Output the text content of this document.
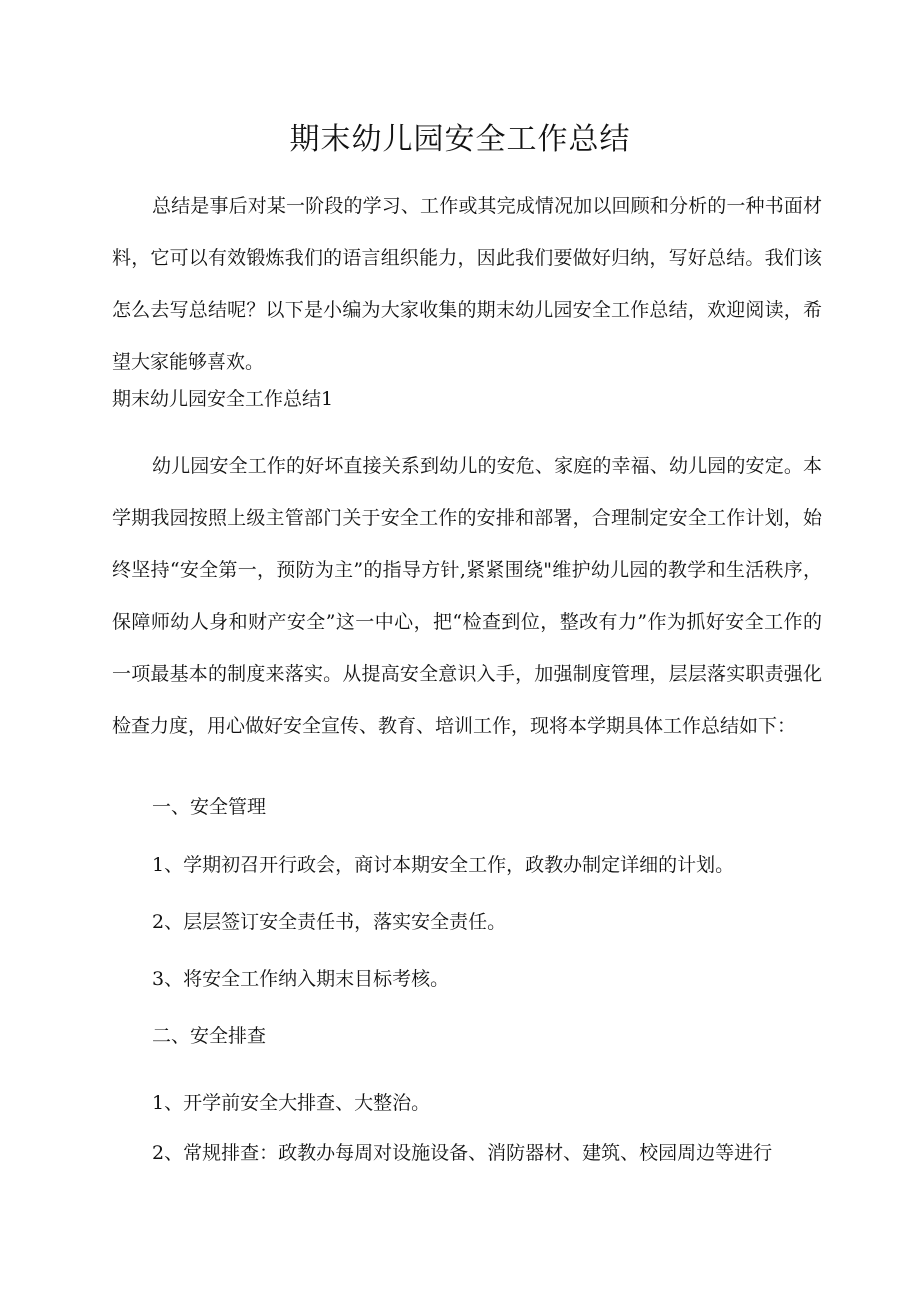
期末幼儿园安全工作总结

总结是事后对某一阶段的学习、工作或其完成情况加以回顾和分析的一种书面材料，它可以有效锻炼我们的语言组织能力，因此我们要做好归纳，写好总结。我们该怎么去写总结呢？以下是小编为大家收集的期末幼儿园安全工作总结，欢迎阅读，希望大家能够喜欢。

期末幼儿园安全工作总结1

幼儿园安全工作的好坏直接关系到幼儿的安危、家庭的幸福、幼儿园的安定。本学期我园按照上级主管部门关于安全工作的安排和部署，合理制定安全工作计划，始终坚持“安全第一，预防为主”的指导方针,紧紧围绕"维护幼儿园的教学和生活秩序，保障师幼人身和财产安全”这一中心，把“检查到位，整改有力”作为抓好安全工作的一项最基本的制度来落实。从提高安全意识入手，加强制度管理，层层落实职责强化检查力度，用心做好安全宣传、教育、培训工作，现将本学期具体工作总结如下：

一、安全管理
1、学期初召开行政会，商讨本期安全工作，政教办制定详细的计划。
2、层层签订安全责任书，落实安全责任。
3、将安全工作纳入期末目标考核。
二、安全排查
1、开学前安全大排查、大整治。
2、常规排查：政教办每周对设施设备、消防器材、建筑、校园周边等进行
